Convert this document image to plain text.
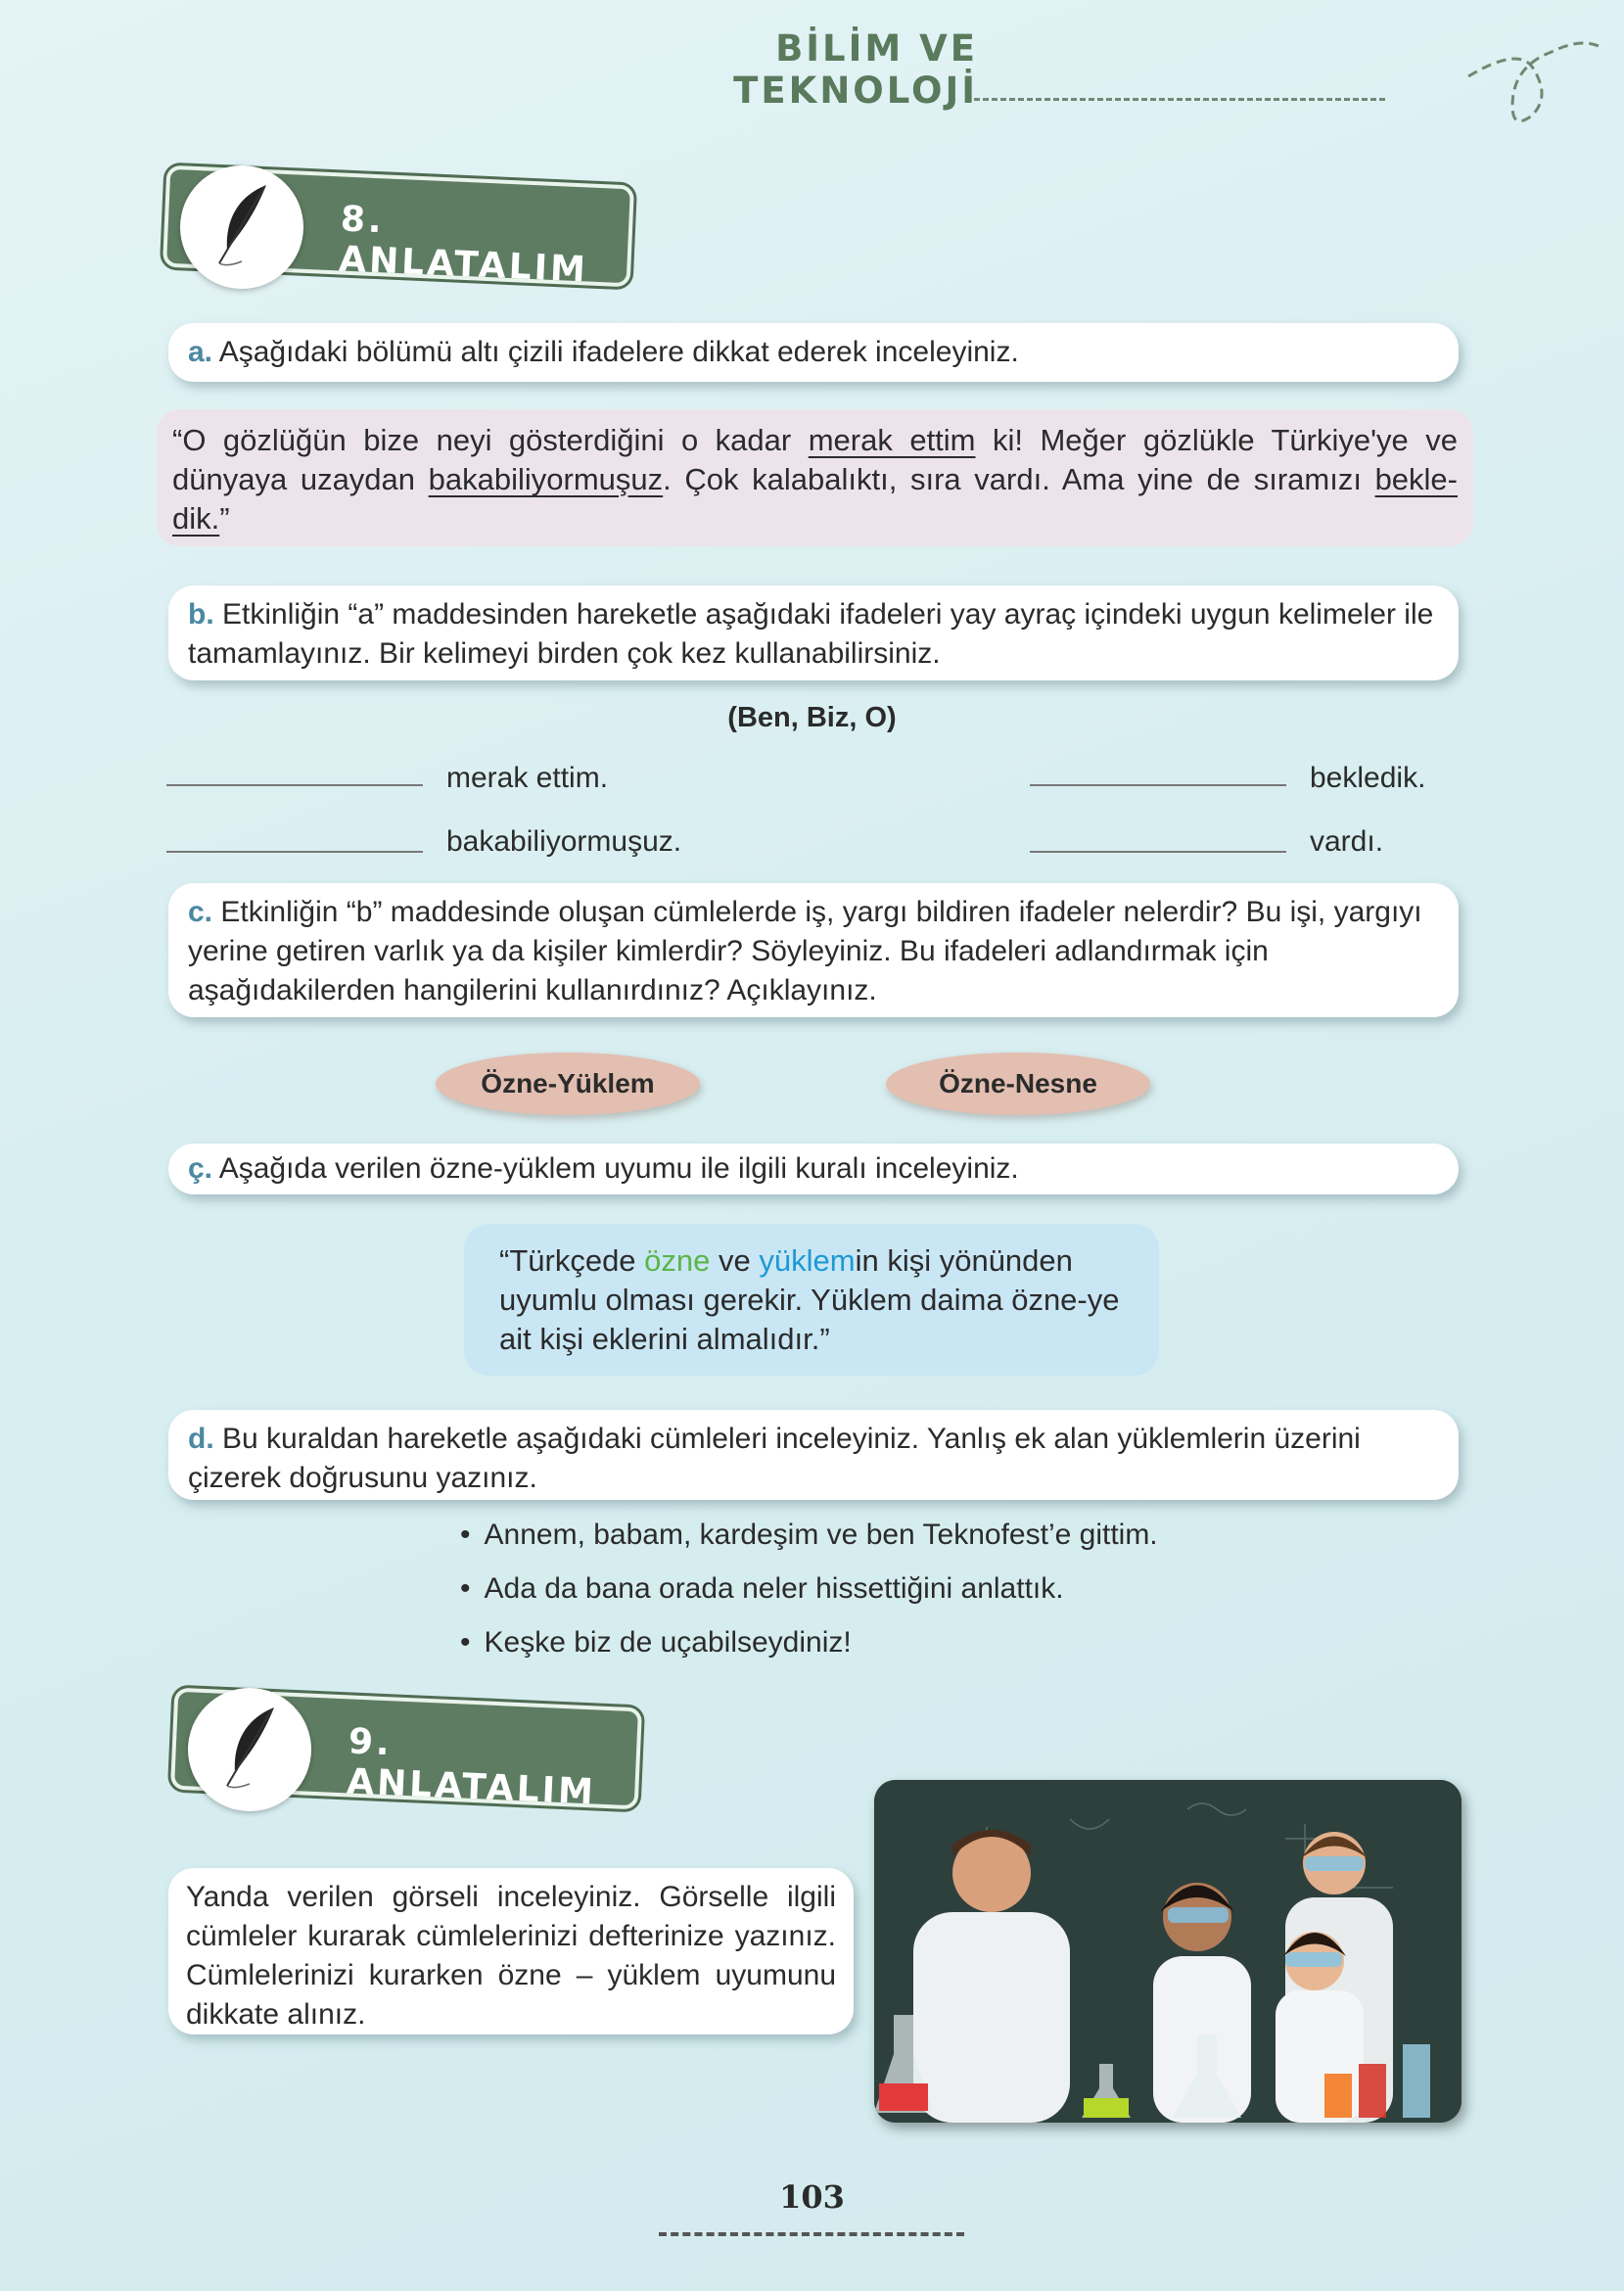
BİLİM VE TEKNOLOJİ
8. ANLATALIM
a. Aşağıdaki bölümü altı çizili ifadelere dikkat ederek inceleyiniz.
“O gözlüğün bize neyi gösterdiğini o kadar merak ettim ki! Meğer gözlükle Türkiye'ye ve dünyaya uzaydan bakabiliyormuşuz. Çok kalabalıktı, sıra vardı. Ama yine de sıramızı bekle-dik.”
b. Etkinliğin “a” maddesinden hareketle aşağıdaki ifadeleri yay ayraç içindeki uygun kelimeler ile tamamlayınız. Bir kelimeyi birden çok kez kullanabilirsiniz.
(Ben, Biz, O)
merak ettim.	bekledik.
bakabiliyormuşuz.	vardı.
c. Etkinliğin “b” maddesinde oluşan cümlelerde iş, yargı bildiren ifadeler nelerdir? Bu işi, yargıyı yerine getiren varlık ya da kişiler kimlerdir? Söyleyiniz. Bu ifadeleri adlandırmak için aşağıdakilerden hangilerini kullanırdınız? Açıklayınız.
Özne-Yüklem	Özne-Nesne
ç. Aşağıda verilen özne-yüklem uyumu ile ilgili kuralı inceleyiniz.
“Türkçede özne ve yüklemin kişi yönünden uyumlu olması gerekir. Yüklem daima özne-ye ait kişi eklerini almalıdır.”
d. Bu kuraldan hareketle aşağıdaki cümleleri inceleyiniz. Yanlış ek alan yüklemlerin üzerini çizerek doğrusunu yazınız.
• Annem, babam, kardeşim ve ben Teknofest’e gittim.
• Ada da bana orada neler hissettiğini anlattık.
• Keşke biz de uçabilseydiniz!
9. ANLATALIM
Yanda verilen görseli inceleyiniz. Görselle ilgili cümleler kurarak cümlelerinizi defterinize yazınız. Cümlelerinizi kurarken özne – yüklem uyumunu dikkate alınız.
103
